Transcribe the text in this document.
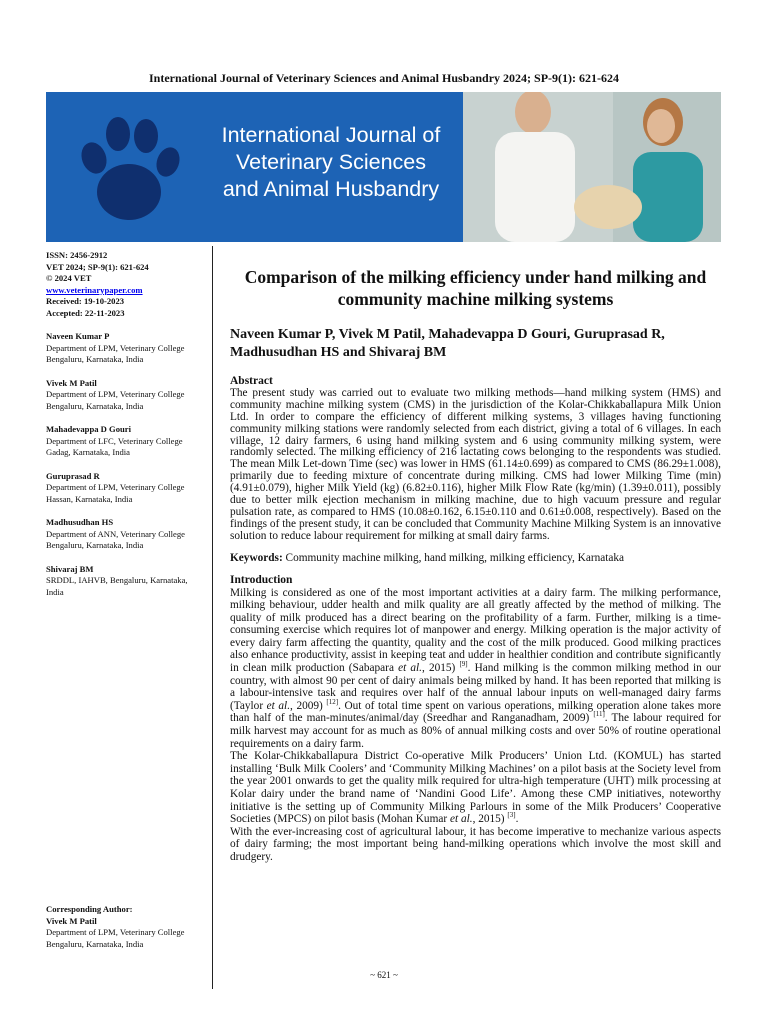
International Journal of Veterinary Sciences and Animal Husbandry 2024; SP-9(1): 621-624
International Journal of
Veterinary Sciences
and Animal Husbandry
ISSN: 2456-2912
VET 2024; SP-9(1): 621-624
© 2024 VET
www.veterinarypaper.com
Received: 19-10-2023
Accepted: 22-11-2023
Naveen Kumar P
Department of LPM, Veterinary College Bengaluru, Karnataka, India
Vivek M Patil
Department of LPM, Veterinary College Bengaluru, Karnataka, India
Mahadevappa D Gouri
Department of LFC, Veterinary College Gadag, Karnataka, India
Guruprasad R
Department of LPM, Veterinary College Hassan, Karnataka, India
Madhusudhan HS
Department of ANN, Veterinary College Bengaluru, Karnataka, India
Shivaraj BM
SRDDL, IAHVB, Bengaluru, Karnataka, India
Corresponding Author:
Vivek M Patil
Department of LPM, Veterinary College Bengaluru, Karnataka, India
Comparison of the milking efficiency under hand milking and community machine milking systems
Naveen Kumar P, Vivek M Patil, Mahadevappa D Gouri, Guruprasad R, Madhusudhan HS and Shivaraj BM
Abstract

The present study was carried out to evaluate two milking methods—hand milking system (HMS) and community machine milking system (CMS) in the jurisdiction of the Kolar-Chikkaballapura Milk Union Ltd. In order to compare the efficiency of different milking systems, 3 villages having functioning community milking stations were randomly selected from each district, giving a total of 6 villages. In each village, 12 dairy farmers, 6 using hand milking system and 6 using community milking system, were randomly selected. The milking efficiency of 216 lactating cows belonging to the respondents was studied. The mean Milk Let-down Time (sec) was lower in HMS (61.14±0.699) as compared to CMS (86.29±1.008), primarily due to feeding mixture of concentrate during milking. CMS had lower Milking Time (min) (4.91±0.079), higher Milk Yield (kg) (6.82±0.116), higher Milk Flow Rate (kg/min) (1.39±0.011), possibly due to better milk ejection mechanism in milking machine, due to high vacuum pressure and regular pulsation rate, as compared to HMS (10.08±0.162, 6.15±0.110 and 0.61±0.008, respectively). Based on the findings of the present study, it can be concluded that Community Machine Milking System is an innovative solution to reduce labour requirement for milking at small dairy farms.

Keywords: Community machine milking, hand milking, milking efficiency, Karnataka

Introduction

Milking is considered as one of the most important activities at a dairy farm. The milking performance, milking behaviour, udder health and milk quality are all greatly affected by the method of milking. The quality of milk produced has a direct bearing on the profitability of a farm. Further, milking is a time-consuming exercise which requires lot of manpower and energy. Milking operation is the major activity of every dairy farm affecting the quantity, quality and the cost of the milk produced. Good milking practices also enhance productivity, assist in keeping teat and udder in healthier condition and contribute significantly in clean milk production (Sabapara et al., 2015) [9]. Hand milking is the common milking method in our country, with almost 90 per cent of dairy animals being milked by hand. It has been reported that milking is a labour-intensive task and requires over half of the annual labour inputs on well-managed dairy farms (Taylor et al., 2009) [12]. Out of total time spent on various operations, milking operation alone takes more than half of the man-minutes/animal/day (Sreedhar and Ranganadham, 2009) [11]. The labour required for milk harvest may account for as much as 80% of annual milking costs and over 50% of routine operational requirements on a dairy farm.

The Kolar-Chikkaballapura District Co-operative Milk Producers’ Union Ltd. (KOMUL) has started installing ‘Bulk Milk Coolers’ and ‘Community Milking Machines’ on a pilot basis at the Society level from the year 2001 onwards to get the quality milk required for ultra-high temperature (UHT) milk processing at Kolar dairy under the brand name of ‘Nandini Good Life’. Among these CMP initiatives, noteworthy initiative is the setting up of Community Milking Parlours in some of the Milk Producers’ Cooperative Societies (MPCS) on pilot basis (Mohan Kumar et al., 2015) [3].

With the ever-increasing cost of agricultural labour, it has become imperative to mechanize various aspects of dairy farming; the most important being hand-milking operations which involve the most skill and drudgery.

~ 621 ~
